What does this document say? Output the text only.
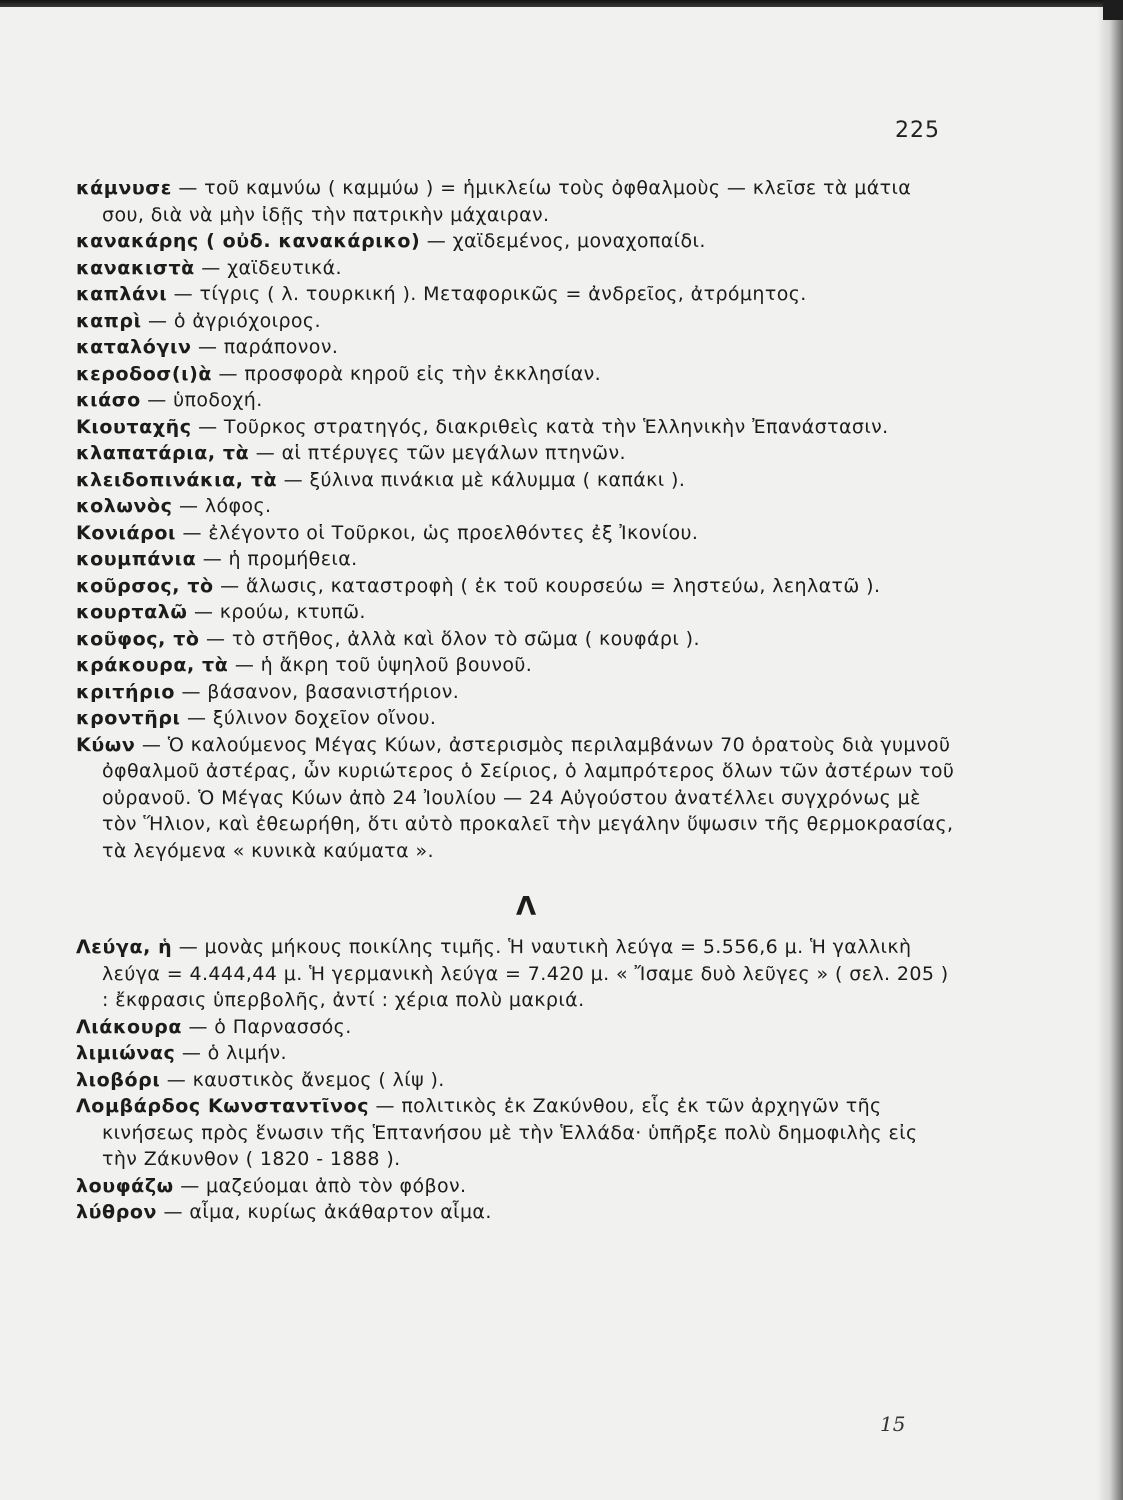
225

κάμνυσε — τοῦ καμνύω ( καμμύω ) = ἡμικλείω τοὺς ὀφθαλμοὺς — κλεῖσε τὰ μάτια σου, διὰ νὰ μὴν ἰδῇς τὴν πατρικὴν μάχαιραν.

κανακάρης ( οὐδ. κανακάρικο) — χαϊδεμένος, μοναχοπαίδι.

κανακιστὰ — χαϊδευτικά.

καπλάνι — τίγρις ( λ. τουρκική ). Μεταφορικῶς = ἀνδρεῖος, ἀτρόμητος.

καπρὶ — ὁ ἀγριόχοιρος.

καταλόγιν — παράπονον.

κεροδοσ(ι)ὰ — προσφορὰ κηροῦ εἰς τὴν ἐκκλησίαν.

κιάσο — ὑποδοχή.

Κιουταχῆς — Τοῦρκος στρατηγός, διακριθεὶς κατὰ τὴν Ἑλληνικὴν Ἐπανάστασιν.

κλαπατάρια, τὰ — αἱ πτέρυγες τῶν μεγάλων πτηνῶν.

κλειδοπινάκια, τὰ — ξύλινα πινάκια μὲ κάλυμμα ( καπάκι ).

κολωνὸς — λόφος.

Κονιάροι — ἐλέγοντο οἱ Τοῦρκοι, ὡς προελθόντες ἐξ Ἰκονίου.

κουμπάνια — ἡ προμήθεια.

κοῦρσος, τὸ — ἅλωσις, καταστροφὴ ( ἐκ τοῦ κουρσεύω = ληστεύω, λεηλατῶ ).

κουρταλῶ — κρούω, κτυπῶ.

κοῦφος, τὸ — τὸ στῆθος, ἀλλὰ καὶ ὅλον τὸ σῶμα ( κουφάρι ).

κράκουρα, τὰ — ἡ ἄκρη τοῦ ὑψηλοῦ βουνοῦ.

κριτήριο — βάσανον, βασανιστήριον.

κροντῆρι — ξύλινον δοχεῖον οἴνου.

Κύων — Ὁ καλούμενος Μέγας Κύων, ἀστερισμὸς περιλαμβάνων 70 ὁρατοὺς διὰ γυμνοῦ ὀφθαλμοῦ ἀστέρας, ὧν κυριώτερος ὁ Σείριος, ὁ λαμπρότερος ὅλων τῶν ἀστέρων τοῦ οὐρανοῦ. Ὁ Μέγας Κύων ἀπὸ 24 Ἰουλίου — 24 Αὐγούστου ἀνατέλλει συγχρόνως μὲ τὸν Ἥλιον, καὶ ἐθεωρήθη, ὅτι αὐτὸ προκαλεῖ τὴν μεγάλην ὕψωσιν τῆς θερμοκρασίας, τὰ λεγόμενα « κυνικὰ καύματα ».

Λ

Λεύγα, ἡ — μονὰς μήκους ποικίλης τιμῆς. Ἡ ναυτικὴ λεύγα = 5.556,6 μ. Ἡ γαλλικὴ λεύγα = 4.444,44 μ. Ἡ γερμανικὴ λεύγα = 7.420 μ. « Ἴσαμε δυὸ λεῦγες » ( σελ. 205 ) : ἔκφρασις ὑπερβολῆς, ἀντί : χέρια πολὺ μακριά.

Λιάκουρα — ὁ Παρνασσός.

λιμιώνας — ὁ λιμήν.

λιοβόρι — καυστικὸς ἄνεμος ( λίψ ).

Λομβάρδος Κωνσταντῖνος — πολιτικὸς ἐκ Ζακύνθου, εἷς ἐκ τῶν ἀρχηγῶν τῆς κινήσεως πρὸς ἕνωσιν τῆς Ἑπτανήσου μὲ τὴν Ἑλλάδα· ὑπῆρξε πολὺ δημοφιλὴς εἰς τὴν Ζάκυνθον ( 1820 - 1888 ).

λουφάζω — μαζεύομαι ἀπὸ τὸν φόβον.

λύθρον — αἷμα, κυρίως ἀκάθαρτον αἷμα.

15
